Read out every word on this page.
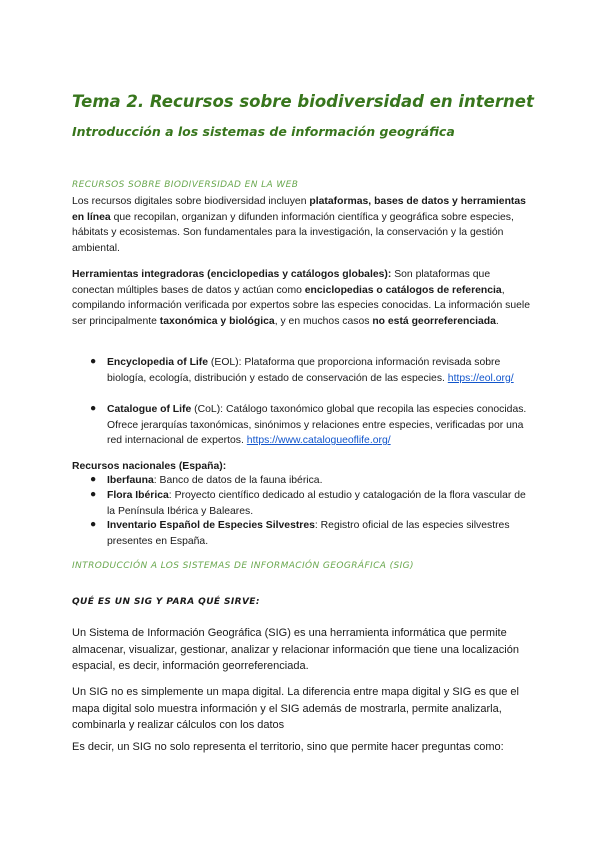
Tema 2. Recursos sobre biodiversidad en internet
Introducción a los sistemas de información geográfica
RECURSOS SOBRE BIODIVERSIDAD EN LA WEB
Los recursos digitales sobre biodiversidad incluyen plataformas, bases de datos y herramientas en línea que recopilan, organizan y difunden información científica y geográfica sobre especies, hábitats y ecosistemas. Son fundamentales para la investigación, la conservación y la gestión ambiental.
Herramientas integradoras (enciclopedias y catálogos globales): Son plataformas que conectan múltiples bases de datos y actúan como enciclopedias o catálogos de referencia, compilando información verificada por expertos sobre las especies conocidas. La información suele ser principalmente taxonómica y biológica, y en muchos casos no está georreferenciada.
● Encyclopedia of Life (EOL): Plataforma que proporciona información revisada sobre biología, ecología, distribución y estado de conservación de las especies. https://eol.org/
● Catalogue of Life (CoL): Catálogo taxonómico global que recopila las especies conocidas. Ofrece jerarquías taxonómicas, sinónimos y relaciones entre especies, verificadas por una red internacional de expertos. https://www.catalogueoflife.org/
Recursos nacionales (España):
● Iberfauna: Banco de datos de la fauna ibérica.
● Flora Ibérica: Proyecto científico dedicado al estudio y catalogación de la flora vascular de la Península Ibérica y Baleares.
● Inventario Español de Especies Silvestres: Registro oficial de las especies silvestres presentes en España.
INTRODUCCIÓN A LOS SISTEMAS DE INFORMACIÓN GEOGRÁFICA (SIG)
QUÉ ES UN SIG Y PARA QUÉ SIRVE:
Un Sistema de Información Geográfica (SIG) es una herramienta informática que permite almacenar, visualizar, gestionar, analizar y relacionar información que tiene una localización espacial, es decir, información georreferenciada.
Un SIG no es simplemente un mapa digital. La diferencia entre mapa digital y SIG es que el mapa digital solo muestra información y el SIG además de mostrarla, permite analizarla, combinarla y realizar cálculos con los datos
Es decir, un SIG no solo representa el territorio, sino que permite hacer preguntas como:
